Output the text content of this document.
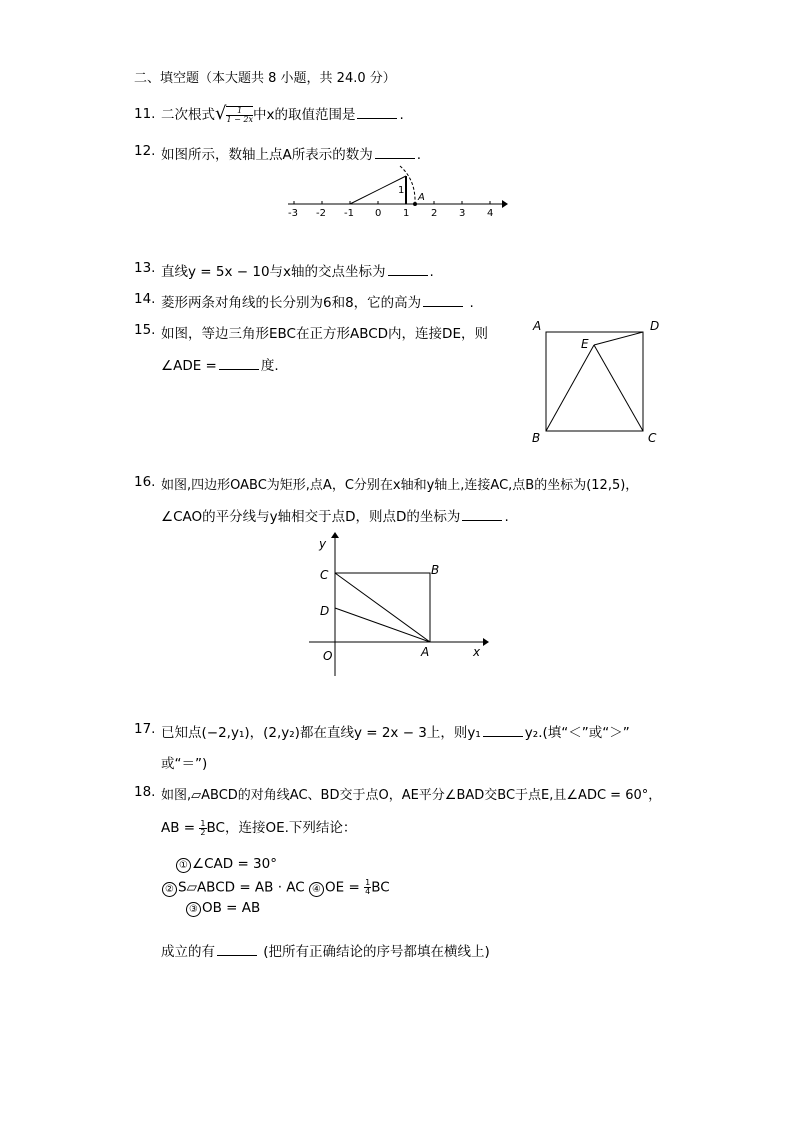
二、填空题（本大题共 8 小题，共 24.0 分）
11. 二次根式√ $\frac{1}{1 - 2x}$ 中x的取值范围是	.
12. 如图所示，数轴上点A所表示的数为	.
-3 -2 -1 0 1 2 3 4
1
A
13. 直线y = 5x − 10与x轴的交点坐标为	.
14. 菱形两条对角线的长分别为6和8，它的高为	.
15. 如图，等边三角形EBC在正方形ABCD内，连接DE，则
∠ADE =	度.
A	D
E
B	C
16. 如图,四边形OABC为矩形,点A，C分别在x轴和y轴上,连接AC,点B的坐标为(12,5)，
∠CAO的平分线与y轴相交于点D，则点D的坐标为	.
y
x
C	B
D
O	A
17. 已知点(−2,y₁)，(2,y₂)都在直线y = 2x − 3上，则y₁	y₂.(填“＜”或“＞”
或“＝”)
18. 如图,▱ABCD的对角线AC、BD交于点O，AE平分∠BAD交BC于点E,且∠ADC = 60°，
AB = $\frac{1}{2}$ BC，连接OE.下列结论：
① ∠CAD = 30°
② S▱ABCD = AB · AC ④ OE = $\frac{1}{4}$ BC
③ OB = AB
成立的有	(把所有正确结论的序号都填在横线上)
